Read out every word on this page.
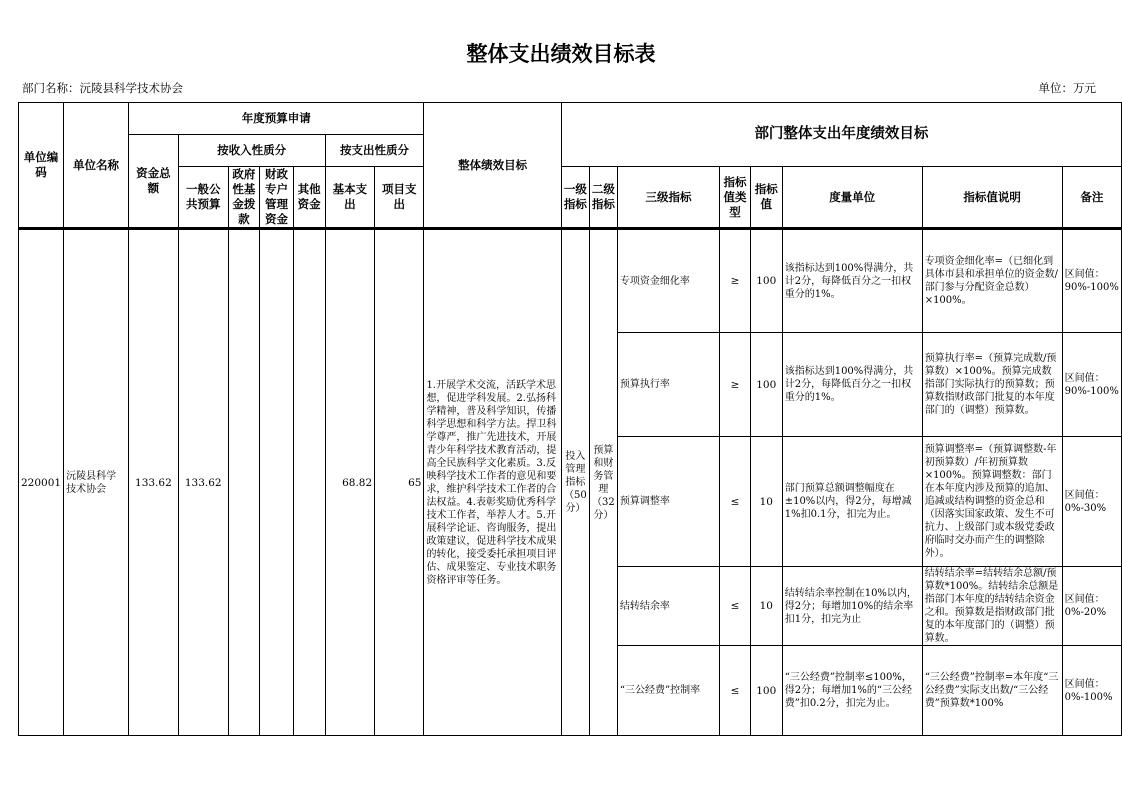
整体支出绩效目标表
部门名称：沅陵县科学技术协会	单位：万元

单位编码	单位名称	年度预算申请							整体绩效目标	部门整体支出年度绩效目标							
		资金总额	按收入性质分				按支出性质分										
			一般公共预算	政府性基金拨款	财政专户管理资金	其他资金	基本支出	项目支出		一级指标	二级指标	三级指标	指标值类型	指标值	度量单位	指标值说明	备注
220001	沅陵县科学技术协会	133.62	133.62				68.82	65	1.开展学术交流，活跃学术思想，促进学科发展。2.弘扬科学精神，普及科学知识，传播科学思想和科学方法。捍卫科学尊严，推广先进技术，开展青少年科学技术教育活动，提高全民族科学文化素质。3.反映科学技术工作者的意见和要求，维护科学技术工作者的合法权益。4.表彰奖励优秀科学技术工作者，举荐人才。5.开展科学论证、咨询服务，提出政策建议，促进科学技术成果的转化，接受委托承担项目评估、成果鉴定、专业技术职务资格评审等任务。	投入管理指标（50分）	预算和财务管理（32分）	专项资金细化率	≥	100	该指标达到100%得满分，共计2分，每降低百分之一扣权重分的1%。	专项资金细化率=（已细化到具体市县和承担单位的资金数/部门参与分配资金总数）×100%。	区间值：90%-100%
												预算执行率	≥	100	该指标达到100%得满分，共计2分，每降低百分之一扣权重分的1%。	预算执行率=（预算完成数/预算数）×100%。预算完成数指部门实际执行的预算数；预算数指财政部门批复的本年度部门的（调整）预算数。	区间值：90%-100%
												预算调整率	≤	10	部门预算总额调整幅度在±10%以内，得2分，每增减1%扣0.1分，扣完为止。	预算调整率=（预算调整数-年初预算数）/年初预算数×100%。预算调整数：部门在本年度内涉及预算的追加、追减或结构调整的资金总和（因落实国家政策、发生不可抗力、上级部门或本级党委政府临时交办而产生的调整除外）。	区间值：0%-30%
												结转结余率	≤	10	结转结余率控制在10%以内，得2分；每增加10%的结余率扣1分，扣完为止	结转结余率=结转结余总额/预算数*100%。结转结余总额是指部门本年度的结转结余资金之和。预算数是指财政部门批复的本年度部门的（调整）预算数。	区间值：0%-20%
												“三公经费”控制率	≤	100	“三公经费”控制率≤100%，得2分；每增加1%的“三公经费”扣0.2分，扣完为止。	“三公经费”控制率=本年度“三公经费”实际支出数/“三公经费”预算数*100%	区间值：0%-100%
